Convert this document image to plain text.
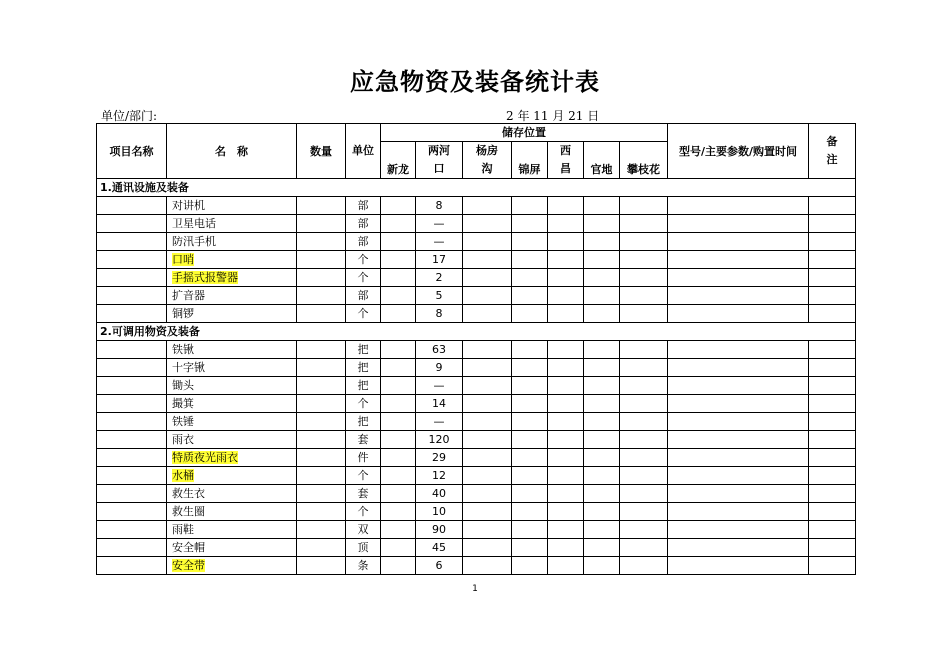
应急物资及装备统计表
单位/部门:	2 年 11 月 21 日
项目名称	名　称	数量	单位	储存位置							型号/主要参数/购置时间	备注
				新龙	两河口	杨房沟	锦屏	西昌	官地	攀枝花		

1.通讯设施及装备												
	对讲机		部		8							
	卫星电话		部		—							
	防汛手机		部		—							
	口哨		个		17							
	手摇式报警器		个		2							
	扩音器		部		5							
	铜锣		个		8							
2.可调用物资及装备												
	铁锹		把		63							
	十字锹		把		9							
	锄头		把		—							
	撮箕		个		14							
	铁锤		把		—							
	雨衣		套		120							
	特质夜光雨衣		件		29							
	水桶		个		12							
	救生衣		套		40							
	救生圈		个		10							
	雨鞋		双		90							
	安全帽		顶		45							
	安全带		条		6							
1
